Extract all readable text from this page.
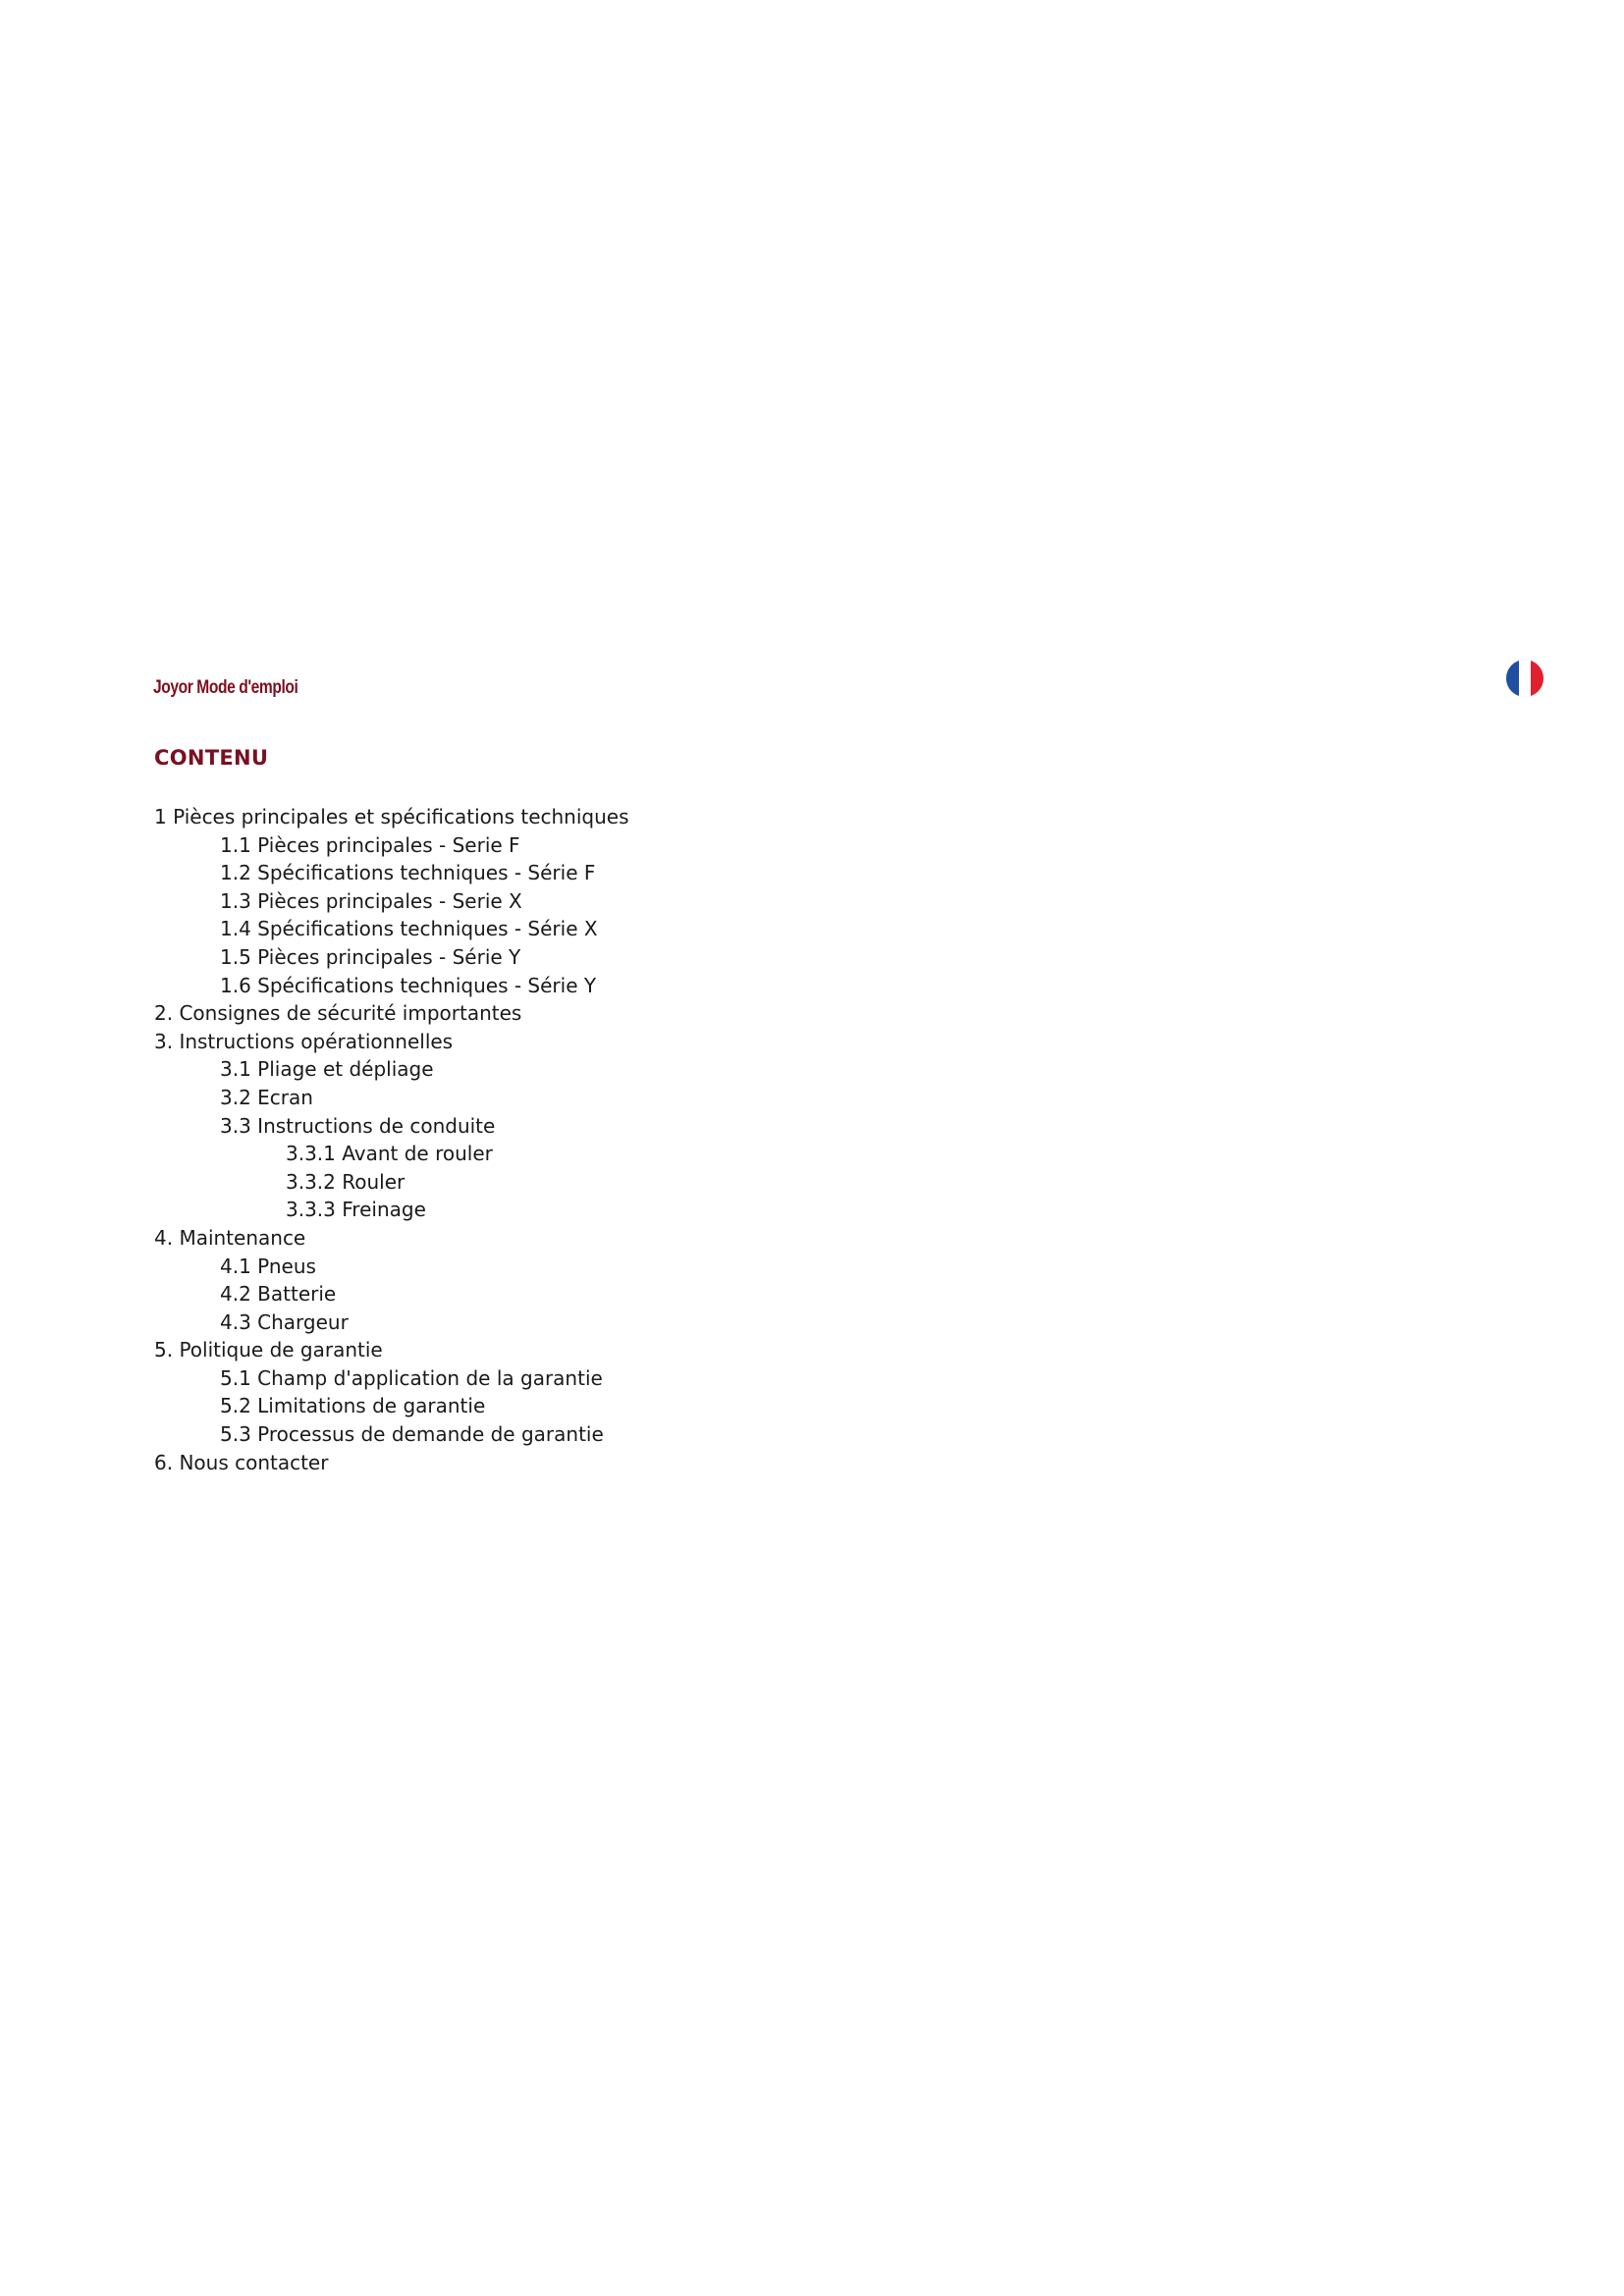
Joyor Mode d'emploi
CONTENU
1 Pièces principales et spécifications techniques
1.1 Pièces principales - Serie F
1.2 Spécifications techniques - Série F
1.3 Pièces principales - Serie X
1.4 Spécifications techniques - Série X
1.5 Pièces principales - Série Y
1.6 Spécifications techniques - Série Y
2. Consignes de sécurité importantes
3. Instructions opérationnelles
3.1 Pliage et dépliage
3.2 Ecran
3.3 Instructions de conduite
3.3.1 Avant de rouler
3.3.2 Rouler
3.3.3 Freinage
4. Maintenance
4.1 Pneus
4.2 Batterie
4.3 Chargeur
5. Politique de garantie
5.1 Champ d'application de la garantie
5.2 Limitations de garantie
5.3 Processus de demande de garantie
6. Nous contacter
